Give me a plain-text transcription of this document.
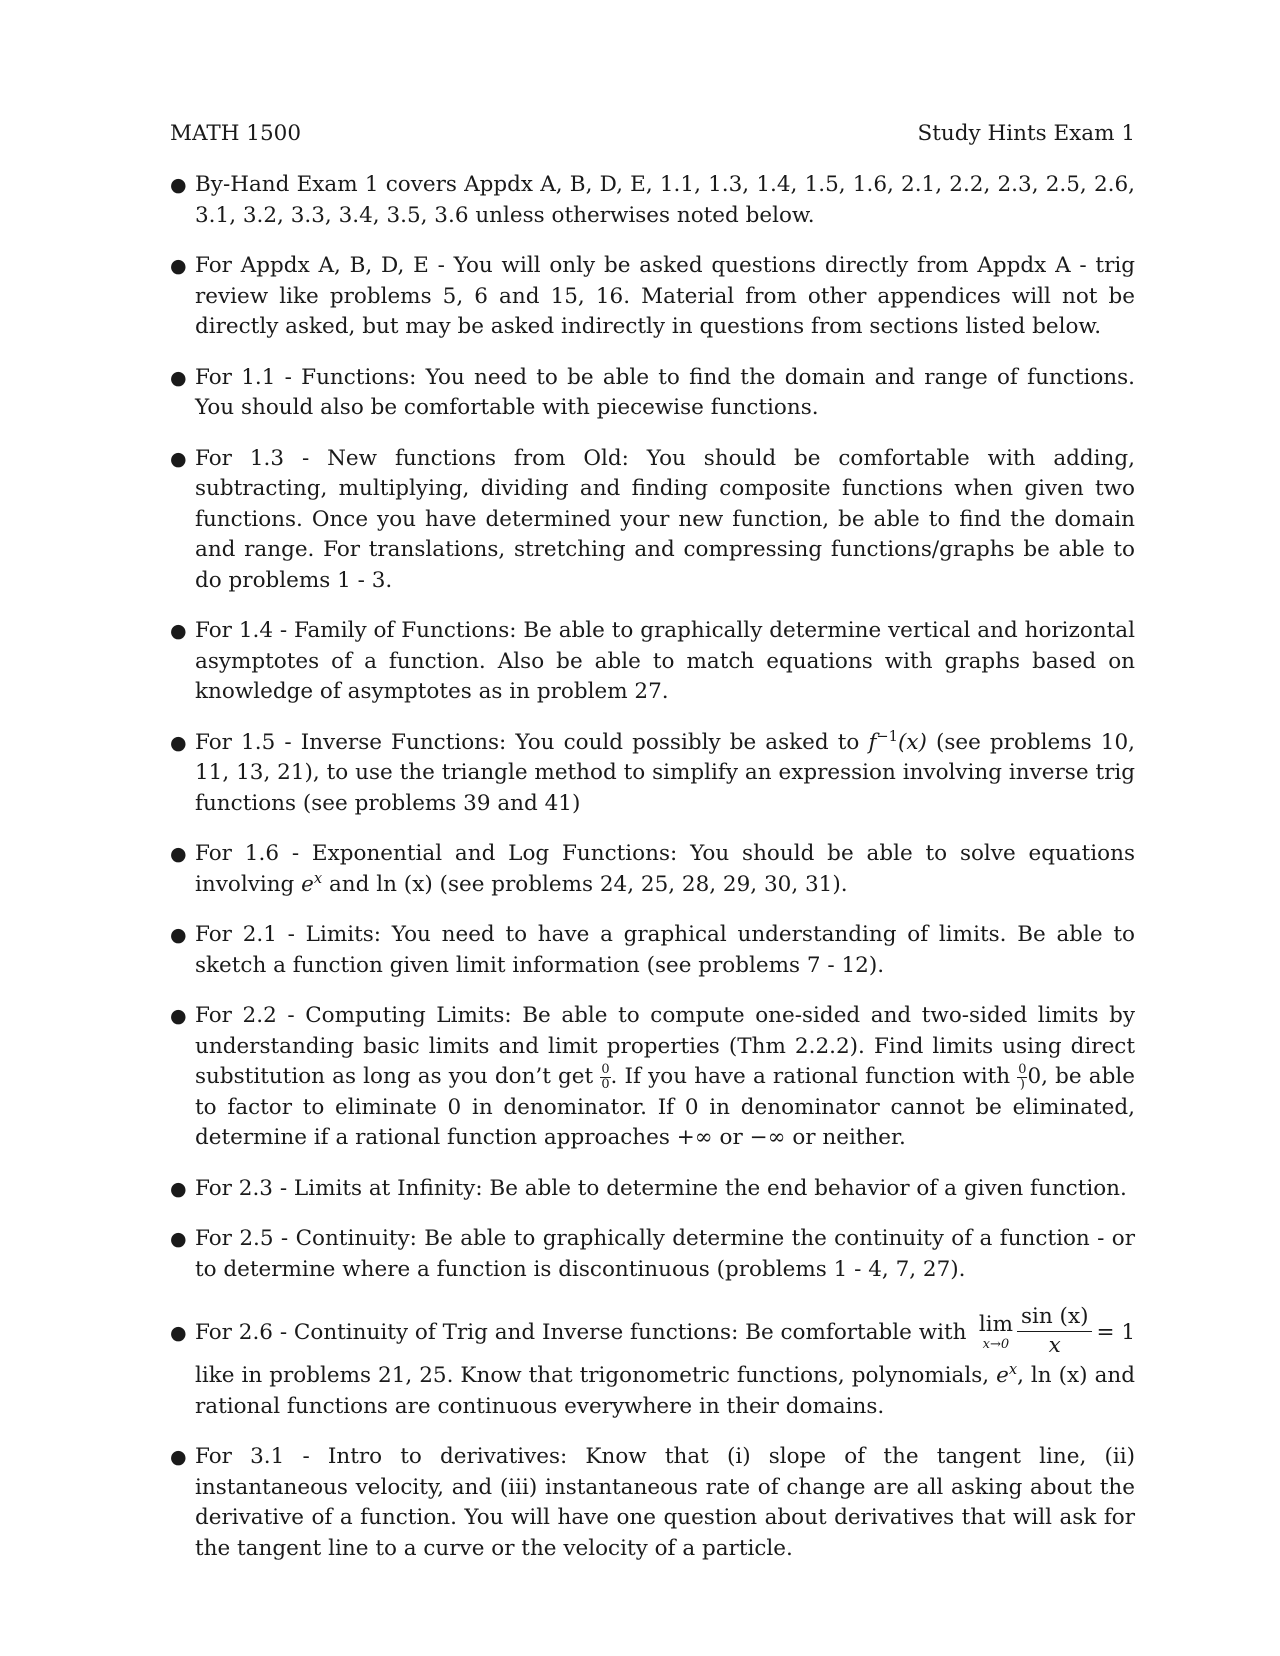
MATH 1500	Study Hints Exam 1
● By-Hand Exam 1 covers Appdx A, B, D, E, 1.1, 1.3, 1.4, 1.5, 1.6, 2.1, 2.2, 2.3, 2.5, 2.6, 3.1, 3.2, 3.3, 3.4, 3.5, 3.6 unless otherwises noted below.
● For Appdx A, B, D, E - You will only be asked questions directly from Appdx A - trig review like problems 5, 6 and 15, 16. Material from other appendices will not be directly asked, but may be asked indirectly in questions from sections listed below.
● For 1.1 - Functions: You need to be able to find the domain and range of functions. You should also be comfortable with piecewise functions.
● For 1.3 - New functions from Old: You should be comfortable with adding, subtracting, multiplying, dividing and finding composite functions when given two functions. Once you have determined your new function, be able to find the domain and range. For translations, stretching and compressing functions/graphs be able to do problems 1 - 3.
● For 1.4 - Family of Functions: Be able to graphically determine vertical and horizontal asymptotes of a function. Also be able to match equations with graphs based on knowledge of asymptotes as in problem 27.
● For 1.5 - Inverse Functions: You could possibly be asked to $f^{-1}(x)$ (see problems 10, 11, 13, 21), to use the triangle method to simplify an expression involving inverse trig functions (see problems 39 and 41)
● For 1.6 - Exponential and Log Functions: You should be able to solve equations involving $e^x$ and ln (x) (see problems 24, 25, 28, 29, 30, 31).
● For 2.1 - Limits: You need to have a graphical understanding of limits. Be able to sketch a function given limit information (see problems 7 - 12).
● For 2.2 - Computing Limits: Be able to compute one-sided and two-sided limits by understanding basic limits and limit properties (Thm 2.2.2). Find limits using direct substitution as long as you don’t get $\frac{0}{0}$ . If you have a rational function with $\frac{0}{)} 0$, be able to factor to eliminate 0 in denominator. If 0 in denominator cannot be eliminated, determine if a rational function approaches +∞ or −∞ or neither.
● For 2.3 - Limits at Infinity: Be able to determine the end behavior of a given function.
● For 2.5 - Continuity: Be able to graphically determine the continuity of a function - or to determine where a function is discontinuous (problems 1 - 4, 7, 27).
● For 2.6 - Continuity of Trig and Inverse functions: Be comfortable with lim
$x\to 0 \frac{\sin (x)}{x} = 1$
like in problems 21, 25. Know that trigonometric functions, polynomials, $e^x$, ln (x) and rational functions are continuous everywhere in their domains.
● For 3.1 - Intro to derivatives: Know that (i) slope of the tangent line, (ii) instantaneous velocity, and (iii) instantaneous rate of change are all asking about the derivative of a function. You will have one question about derivatives that will ask for the tangent line to a curve or the velocity of a particle.
